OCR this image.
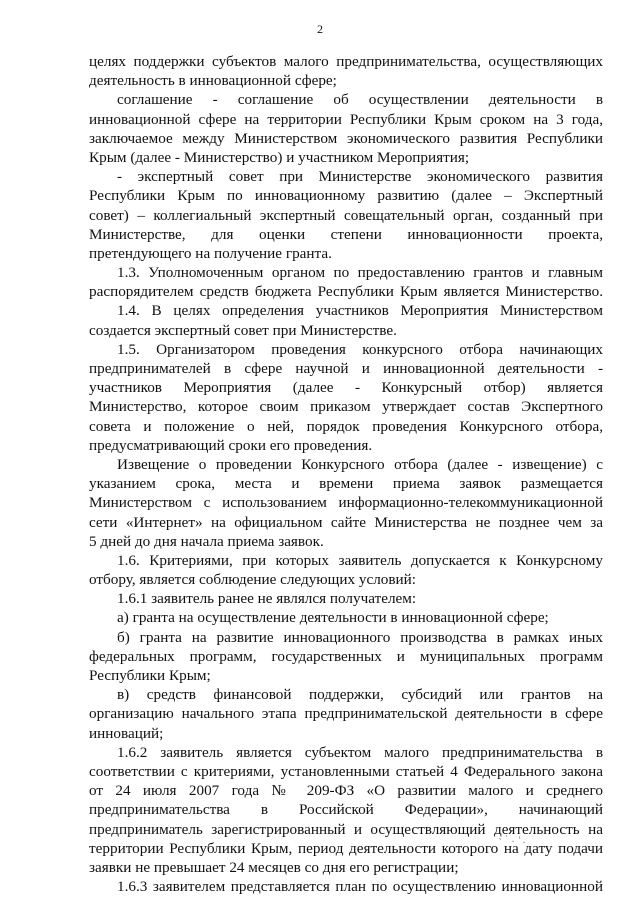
2
целях поддержки субъектов малого предпринимательства, осуществляющих
деятельность в инновационной сфере;
соглашение - соглашение об осуществлении деятельности в
инновационной сфере на территории Республики Крым сроком на 3 года,
заключаемое между Министерством экономического развития Республики
Крым (далее - Министерство) и участником Мероприятия;
- экспертный совет при Министерстве экономического развития
Республики Крым по инновационному развитию (далее – Экспертный
совет) – коллегиальный экспертный совещательный орган, созданный при
Министерстве, для оценки степени инновационности проекта,
претендующего на получение гранта.
1.3. Уполномоченным органом по предоставлению грантов и главным
распорядителем средств бюджета Республики Крым является Министерство.
1.4. В целях определения участников Мероприятия Министерством
создается экспертный совет при Министерстве.
1.5. Организатором проведения конкурсного отбора начинающих
предпринимателей в сфере научной и инновационной деятельности -
участников Мероприятия (далее - Конкурсный отбор) является
Министерство, которое своим приказом утверждает состав Экспертного
совета и положение о ней, порядок проведения Конкурсного отбора,
предусматривающий сроки его проведения.
Извещение о проведении Конкурсного отбора (далее - извещение) с
указанием срока, места и времени приема заявок размещается
Министерством с использованием информационно-телекоммуникационной
сети «Интернет» на официальном сайте Министерства не позднее чем за
5 дней до дня начала приема заявок.
1.6. Критериями, при которых заявитель допускается к Конкурсному
отбору, является соблюдение следующих условий:
1.6.1 заявитель ранее не являлся получателем:
а) гранта на осуществление деятельности в инновационной сфере;
б) гранта на развитие инновационного производства в рамках иных
федеральных программ, государственных и муниципальных программ
Республики Крым;
в) средств финансовой поддержки, субсидий или грантов на
организацию начального этапа предпринимательской деятельности в сфере
инноваций;
1.6.2 заявитель является субъектом малого предпринимательства в
соответствии с критериями, установленными статьей 4 Федерального закона
от 24 июля 2007 года № 209-ФЗ «О развитии малого и среднего
предпринимательства в Российской Федерации», начинающий
предприниматель зарегистрированный и осуществляющий деятельность на
территории Республики Крым, период деятельности которого на дату подачи
заявки не превышает 24 месяцев со дня его регистрации;
1.6.3 заявителем представляется план по осуществлению инновационной
